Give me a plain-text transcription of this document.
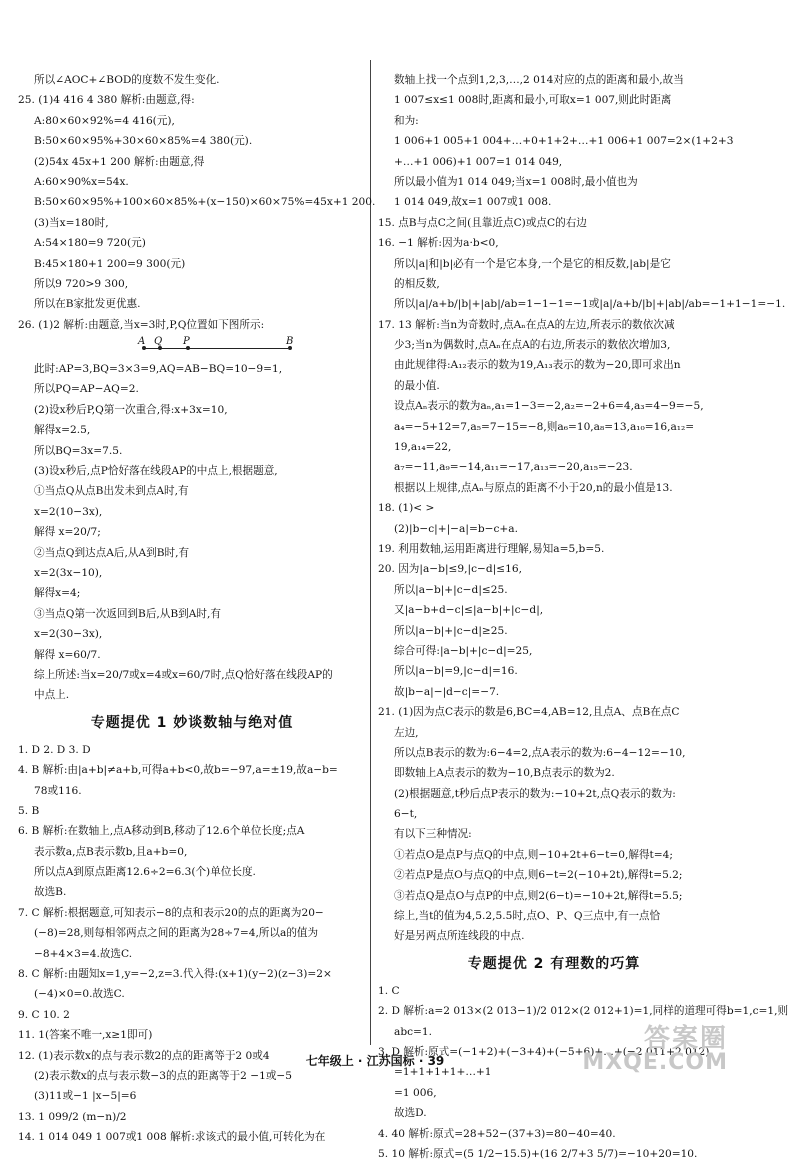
所以∠AOC+∠BOD的度数不发生变化.
25. (1)4 416 4 380 解析:由题意,得:
A:80×60×92%=4 416(元),
B:50×60×95%+30×60×85%=4 380(元).
(2)54x 45x+1 200 解析:由题意,得
A:60×90%x=54x.
B:50×60×95%+100×60×85%+(x−150)×60×75%=45x+1 200.
(3)当x=180时,
A:54×180=9 720(元)
B:45×180+1 200=9 300(元)
所以9 720>9 300,
所以在B家批发更优惠.
26. (1)2 解析:由题意,当x=3时,P,Q位置如下图所示:
A Q P	B
此时:AP=3,BQ=3×3=9,AQ=AB−BQ=10−9=1,
所以PQ=AP−AQ=2.
(2)设x秒后P,Q第一次重合,得:x+3x=10,
解得x=2.5,
所以BQ=3x=7.5.
(3)设x秒后,点P恰好落在线段AP的中点上,根据题意,
①当点Q从点B出发未到点A时,有
x=2(10−3x),
解得 x=20/7;
②当点Q到达点A后,从A到B时,有
x=2(3x−10),
解得x=4;
③当点Q第一次返回到B后,从B到A时,有
x=2(30−3x),
解得 x=60/7.
综上所述:当x=20/7或x=4或x=60/7时,点Q恰好落在线段AP的
中点上.
专题提优 1 妙谈数轴与绝对值
1. D 2. D 3. D
4. B 解析:由|a+b|≠a+b,可得a+b<0,故b=−97,a=±19,故a−b=
78或116.
5. B
6. B 解析:在数轴上,点A移动到B,移动了12.6个单位长度;点A
表示数a,点B表示数b,且a+b=0,
所以点A到原点距离12.6÷2=6.3(个)单位长度.
故选B.
7. C 解析:根据题意,可知表示−8的点和表示20的点的距离为20−
(−8)=28,则每相邻两点之间的距离为28÷7=4,所以a的值为
−8+4×3=4.故选C.
8. C 解析:由题知x=1,y=−2,z=3.代入得:(x+1)(y−2)(z−3)=2×
(−4)×0=0.故选C.
9. C 10. 2
11. 1(答案不唯一,x≥1即可)
12. (1)表示数x的点与表示数2的点的距离等于2 0或4
(2)表示数x的点与表示数−3的点的距离等于2 −1或−5
(3)11或−1 |x−5|=6
13. 1 099/2 (m−n)/2
14. 1 014 049 1 007或1 008 解析:求该式的最小值,可转化为在
数轴上找一个点到1,2,3,…,2 014对应的点的距离和最小,故当
1 007≤x≤1 008时,距离和最小,可取x=1 007,则此时距离
和为:
1 006+1 005+1 004+…+0+1+2+…+1 006+1 007=2×(1+2+3
+…+1 006)+1 007=1 014 049,
所以最小值为1 014 049;当x=1 008时,最小值也为
1 014 049,故x=1 007或1 008.
15. 点B与点C之间(且靠近点C)或点C的右边
16. −1 解析:因为a·b<0,
所以|a|和|b|必有一个是它本身,一个是它的相反数,|ab|是它
的相反数,
所以|a|/a+b/|b|+|ab|/ab=1−1−1=−1或|a|/a+b/|b|+|ab|/ab=−1+1−1=−1.
17. 13 解析:当n为奇数时,点Aₙ在点A的左边,所表示的数依次减
少3;当n为偶数时,点Aₙ在点A的右边,所表示的数依次增加3,
由此规律得:A₁₂表示的数为19,A₁₃表示的数为−20,即可求出n
的最小值.
设点Aₙ表示的数为aₙ,a₁=1−3=−2,a₂=−2+6=4,a₃=4−9=−5,
a₄=−5+12=7,a₅=7−15=−8,则a₆=10,a₈=13,a₁₀=16,a₁₂=
19,a₁₄=22,
a₇=−11,a₉=−14,a₁₁=−17,a₁₃=−20,a₁₅=−23.
根据以上规律,点Aₙ与原点的距离不小于20,n的最小值是13.
18. (1)< >
(2)|b−c|+|−a|=b−c+a.
19. 利用数轴,运用距离进行理解,易知a=5,b=5.
20. 因为|a−b|≤9,|c−d|≤16,
所以|a−b|+|c−d|≤25.
又|a−b+d−c|≤|a−b|+|c−d|,
所以|a−b|+|c−d|≥25.
综合可得:|a−b|+|c−d|=25,
所以|a−b|=9,|c−d|=16.
故|b−a|−|d−c|=−7.
21. (1)因为点C表示的数是6,BC=4,AB=12,且点A、点B在点C
左边,
所以点B表示的数为:6−4=2,点A表示的数为:6−4−12=−10,
即数轴上A点表示的数为−10,B点表示的数为2.
(2)根据题意,t秒后点P表示的数为:−10+2t,点Q表示的数为:
6−t,
有以下三种情况:
①若点O是点P与点Q的中点,则−10+2t+6−t=0,解得t=4;
②若点P是点O与点Q的中点,则6−t=2(−10+2t),解得t=5.2;
③若点Q是点O与点P的中点,则2(6−t)=−10+2t,解得t=5.5;
综上,当t的值为4,5.2,5.5时,点O、P、Q三点中,有一点恰
好是另两点所连线段的中点.
专题提优 2 有理数的巧算
1. C
2. D 解析:a=2 013×(2 013−1)/2 012×(2 012+1)=1,同样的道理可得b=1,c=1,则
abc=1.
3. D 解析:原式=(−1+2)+(−3+4)+(−5+6)+…+(−2 011+2 012)
=1+1+1+1+…+1
=1 006,
故选D.
4. 40 解析:原式=28+52−(37+3)=80−40=40.
5. 10 解析:原式=(5 1/2−15.5)+(16 2/7+3 5/7)=−10+20=10.
七年级上 · 江苏国标 · 39
答案圈
MXQE.COM
